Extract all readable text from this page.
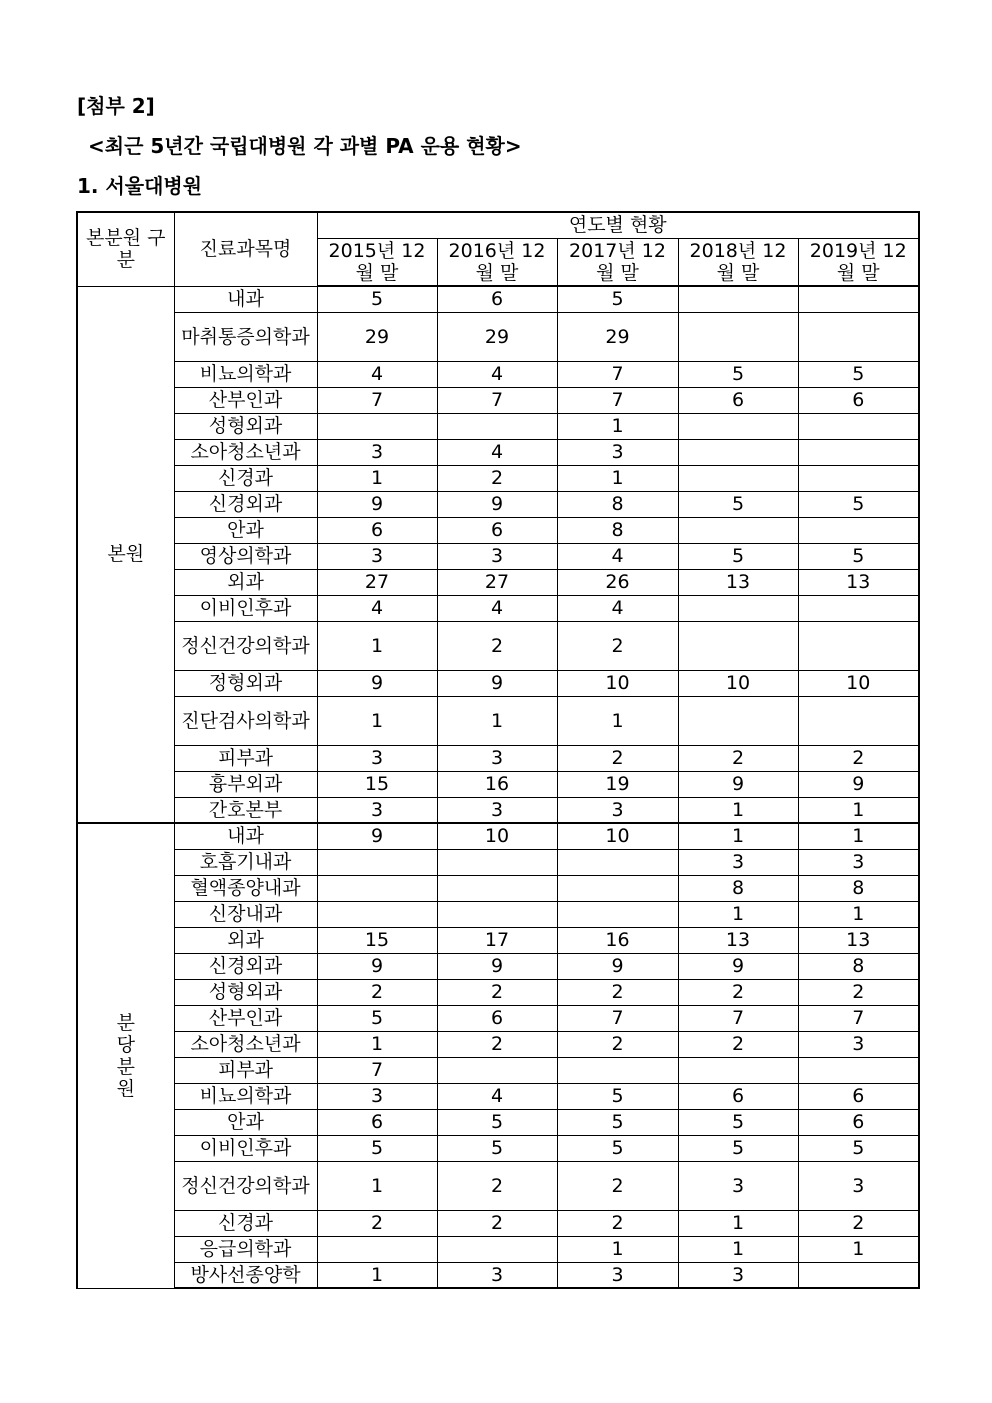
[첨부 2]
<최근 5년간 국립대병원 각 과별 PA 운용 현황>
1. 서울대병원
본분원 구분	진료과목명	연도별 현황				
		2015년 12월 말	2016년 12월 말	2017년 12월 말	2018년 12월 말	2019년 12월 말
본원	내과	5	6	5		
	마취통증의학과	29	29	29		
	비뇨의학과	4	4	7	5	5
	산부인과	7	7	7	6	6
	성형외과			1		
	소아청소년과	3	4	3		
	신경과	1	2	1		
	신경외과	9	9	8	5	5
	안과	6	6	8		
	영상의학과	3	3	4	5	5
	외과	27	27	26	13	13
	이비인후과	4	4	4		
	정신건강의학과	1	2	2		
	정형외과	9	9	10	10	10
	진단검사의학과	1	1	1		
	피부과	3	3	2	2	2
	흉부외과	15	16	19	9	9
	간호본부	3	3	3	1	1
분당 분원	내과	9	10	10	1	1
	호흡기내과				3	3
	혈액종양내과				8	8
	신장내과				1	1
	외과	15	17	16	13	13
	신경외과	9	9	9	9	8
	성형외과	2	2	2	2	2
	산부인과	5	6	7	7	7
	소아청소년과	1	2	2	2	3
	피부과	7				
	비뇨의학과	3	4	5	6	6
	안과	6	5	5	5	6
	이비인후과	5	5	5	5	5
	정신건강의학과	1	2	2	3	3
	신경과	2	2	2	1	2
	응급의학과			1	1	1
	방사선종양학	1	3	3	3	
